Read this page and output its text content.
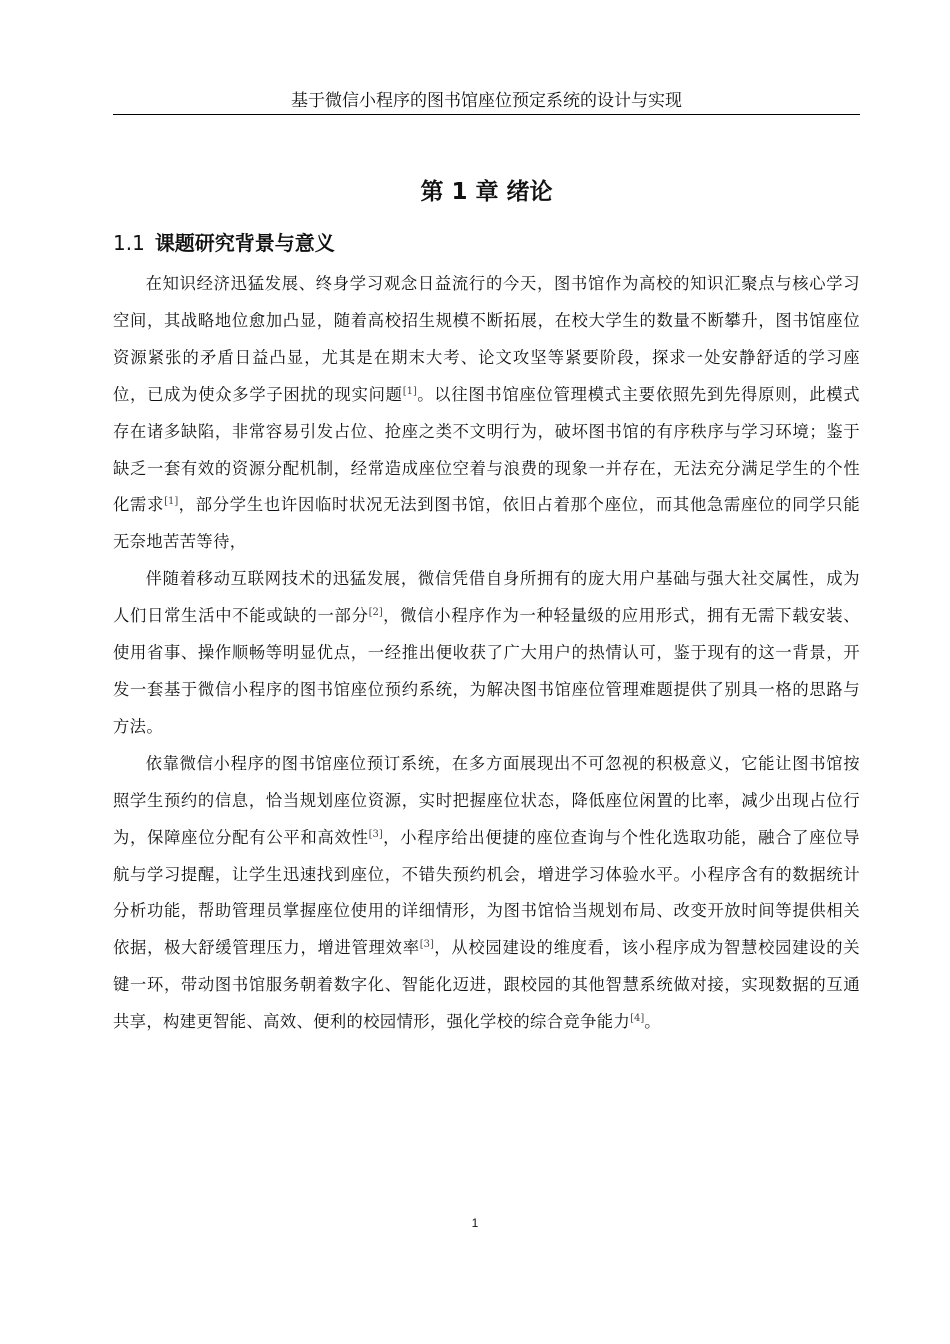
基于微信小程序的图书馆座位预定系统的设计与实现
第 1 章 绪论
1.1 课题研究背景与意义

在知识经济迅猛发展、终身学习观念日益流行的今天，图书馆作为高校的知识汇聚点与核心学习空间，其战略地位愈加凸显，随着高校招生规模不断拓展，在校大学生的数量不断攀升，图书馆座位资源紧张的矛盾日益凸显，尤其是在期末大考、论文攻坚等紧要阶段，探求一处安静舒适的学习座位，已成为使众多学子困扰的现实问题[1]。以往图书馆座位管理模式主要依照先到先得原则，此模式存在诸多缺陷，非常容易引发占位、抢座之类不文明行为，破坏图书馆的有序秩序与学习环境；鉴于缺乏一套有效的资源分配机制，经常造成座位空着与浪费的现象一并存在，无法充分满足学生的个性化需求[1]，部分学生也许因临时状况无法到图书馆，依旧占着那个座位，而其他急需座位的同学只能无奈地苦苦等待，

伴随着移动互联网技术的迅猛发展，微信凭借自身所拥有的庞大用户基础与强大社交属性，成为人们日常生活中不能或缺的一部分[2]，微信小程序作为一种轻量级的应用形式，拥有无需下载安装、使用省事、操作顺畅等明显优点，一经推出便收获了广大用户的热情认可，鉴于现有的这一背景，开发一套基于微信小程序的图书馆座位预约系统，为解决图书馆座位管理难题提供了别具一格的思路与方法。

依靠微信小程序的图书馆座位预订系统，在多方面展现出不可忽视的积极意义，它能让图书馆按照学生预约的信息，恰当规划座位资源，实时把握座位状态，降低座位闲置的比率，减少出现占位行为，保障座位分配有公平和高效性[3]，小程序给出便捷的座位查询与个性化选取功能，融合了座位导航与学习提醒，让学生迅速找到座位，不错失预约机会，增进学习体验水平。小程序含有的数据统计分析功能，帮助管理员掌握座位使用的详细情形，为图书馆恰当规划布局、改变开放时间等提供相关依据，极大舒缓管理压力，增进管理效率[3]，从校园建设的维度看，该小程序成为智慧校园建设的关键一环，带动图书馆服务朝着数字化、智能化迈进，跟校园的其他智慧系统做对接，实现数据的互通共享，构建更智能、高效、便利的校园情形，强化学校的综合竞争能力[4]。

1
